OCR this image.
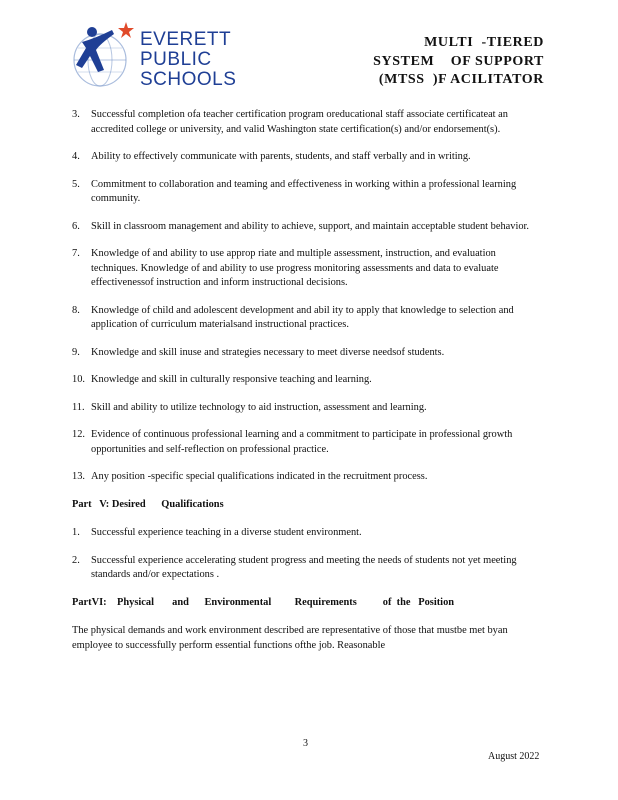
EVERETT
PUBLIC
SCHOOLS
MULTI  -TIERED
SYSTEM    OF SUPPORT
(MTSS  )F ACILITATOR
3. Successful completion ofa teacher certification program oreducational staff associate certificateat an accredited college or university, and valid Washington state certification(s) and/or endorsement(s).
4. Ability to effectively communicate with parents, students, and staff verbally and in writing.
5. Commitment to collaboration and teaming and effectiveness in working within a professional learning community.
6. Skill in classroom management and ability to achieve, support, and maintain acceptable student behavior.
7. Knowledge of and ability to use approp riate and multiple assessment, instruction, and evaluation techniques. Knowledge of and ability to use progress monitoring assessments and data to evaluate effectivenessof instruction and inform instructional decisions.
8. Knowledge of child and adolescent development and abil ity to apply that knowledge to selection and application of curriculum materialsand instructional practices.
9. Knowledge and skill inuse and strategies necessary to meet diverse needsof students.
10. Knowledge and skill in culturally responsive teaching and learning.
11. Skill and ability to utilize technology to aid instruction, assessment and learning.
12. Evidence of continuous professional learning and a commitment to participate in professional growth opportunities and self-reflection on professional practice.
13. Any position -specific special qualifications indicated in the recruitment process.
Part   V: Desired      Qualifications
1. Successful experience teaching in a diverse student environment.
2. Successful experience accelerating student progress and meeting the needs of students not yet meeting standards and/or expectations .
PartVI:    Physical       and      Environmental         Requirements          of  the   Position

The physical demands and work environment described are representative of those that mustbe met byan employee to successfully perform essential functions ofthe job. Reasonable

3
August 2022
